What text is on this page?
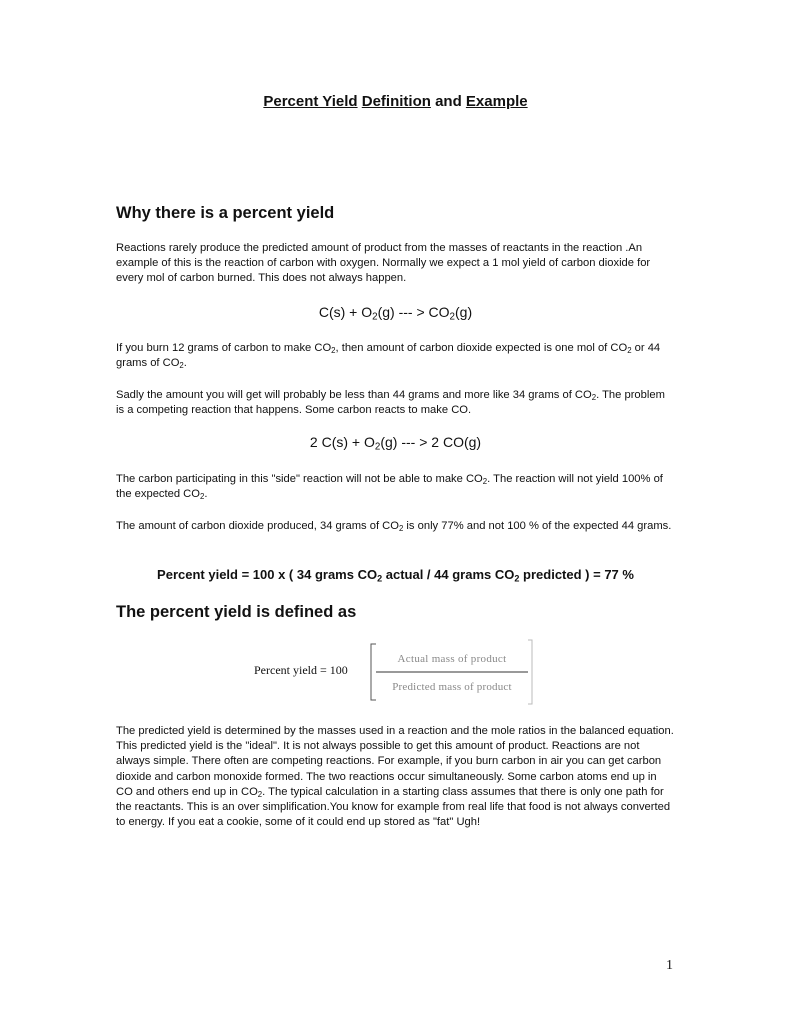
Percent Yield Definition and Example
Why there is a percent yield
Reactions rarely produce the predicted amount of product from the masses of reactants in the reaction .An example of this is the reaction of carbon with oxygen. Normally we expect a 1 mol yield of carbon dioxide for every mol of carbon burned. This does not always happen.
$C(s) + O_2(g)$ --- > $CO_2(g)$
If you burn 12 grams of carbon to make $CO_2$, then amount of carbon dioxide expected is one mol of $CO_2$ or 44 grams of $CO_2$.
Sadly the amount you will get will probably be less than 44 grams and more like 34 grams of $CO_2$. The problem is a competing reaction that happens. Some carbon reacts to make CO.
2 $C(s) + O_2(g)$ --- > 2 CO(g)
The carbon participating in this "side" reaction will not be able to make $CO_2$. The reaction will not yield 100% of the expected $CO_2$.
The amount of carbon dioxide produced, 34 grams of $CO_2$ is only 77% and not 100 % of the expected 44 grams.
Percent yield = 100 x ( 34 grams $CO_2$ actual / 44 grams $CO_2$ predicted ) = 77 %
The percent yield is defined as
Percent yield = 100
Actual mass of product
Predicted mass of product
The predicted yield is determined by the masses used in a reaction and the mole ratios in the balanced equation. This predicted yield is the "ideal". It is not always possible to get this amount of product. Reactions are not always simple. There often are competing reactions. For example, if you burn carbon in air you can get carbon dioxide and carbon monoxide formed. The two reactions occur simultaneously. Some carbon atoms end up in CO and others end up in $CO_2$. The typical calculation in a starting class assumes that there is only one path for the reactants. This is an over simplification.You know for example from real life that food is not always converted to energy. If you eat a cookie, some of it could end up stored as "fat" Ugh!
1
